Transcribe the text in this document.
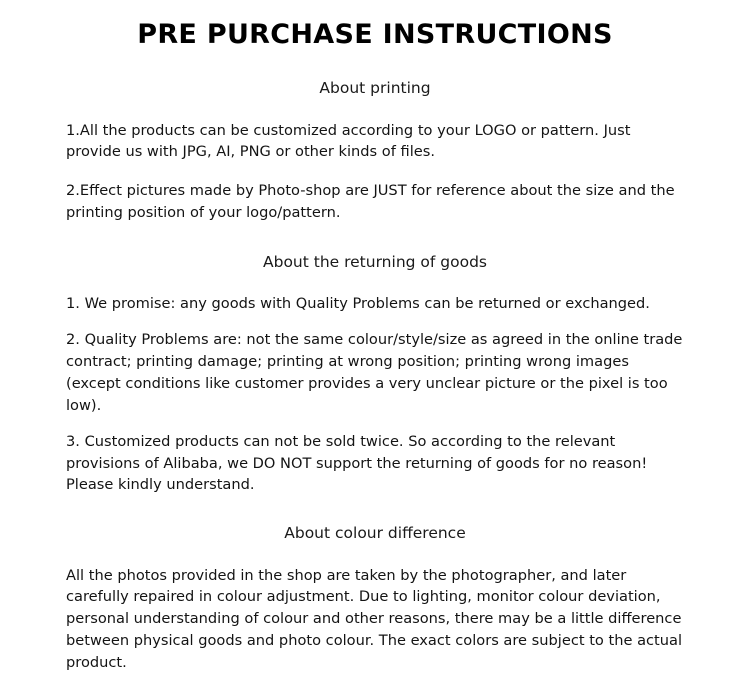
PRE PURCHASE INSTRUCTIONS
About printing

1.All the products can be customized according to your LOGO or pattern. Just provide us with JPG, AI, PNG or other kinds of files.

2.Effect pictures made by Photo-shop are JUST for reference about the size and the printing position of your logo/pattern.

About the returning of goods

1. We promise: any goods with Quality Problems can be returned or exchanged.

2. Quality Problems are: not the same colour/style/size as agreed in the online trade contract; printing damage; printing at wrong position; printing wrong images (except conditions like customer provides a very unclear picture or the pixel is too low).

3. Customized products can not be sold twice. So according to the relevant provisions of Alibaba, we DO NOT support the returning of goods for no reason! Please kindly understand.

About colour difference

All the photos provided in the shop are taken by the photographer, and later carefully repaired in colour adjustment. Due to lighting, monitor colour deviation, personal understanding of colour and other reasons, there may be a little difference between physical goods and photo colour. The exact colors are subject to the actual product.
